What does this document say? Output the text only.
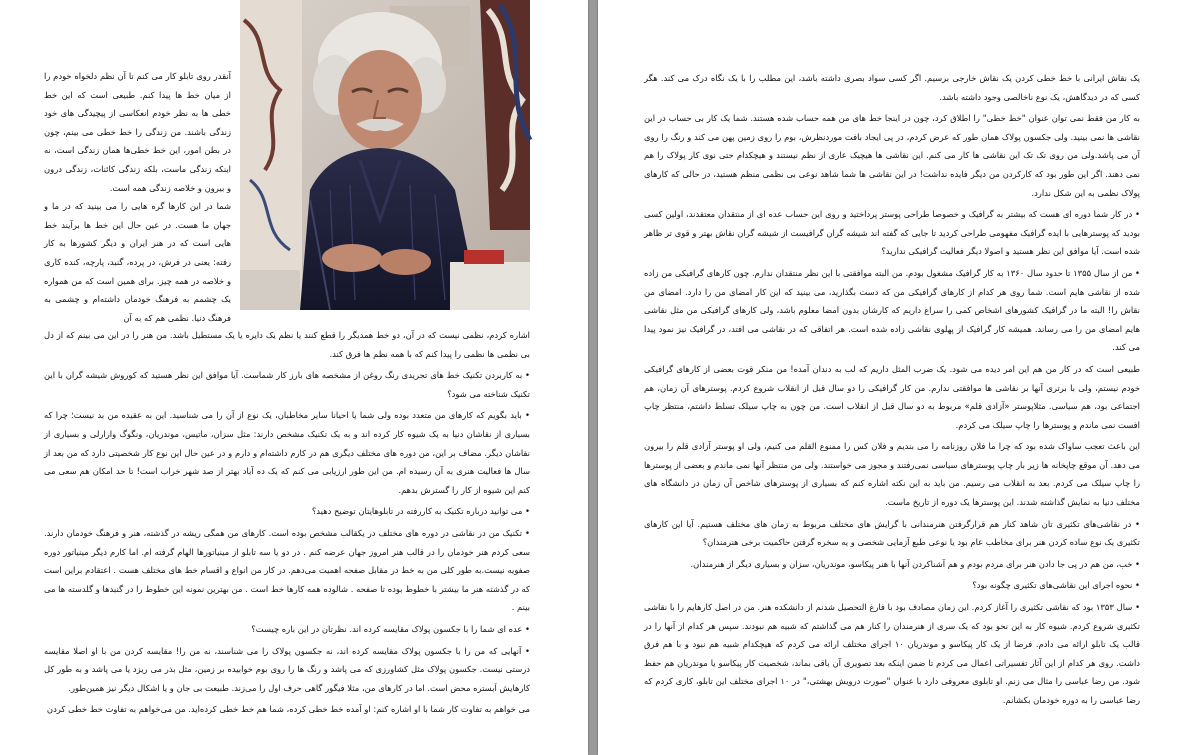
آنقدر روی تابلو کار می کنم تا آن نظم دلخواه خودم را از میان خط ها پیدا کنم. طبیعی است که این خط خطی ها به نظر خودم انعکاسی از پیچیدگی های خود زندگی باشند. من زندگی را خط خطی می بینم، چون در بطن امور، این خط خطی‌ها همان زندگی است، نه اینکه زندگی ماست، بلکه زندگی کائنات، زندگی درون و بیرون و خلاصه زندگی همه است.

شما در این کارها گره هایی را می بینید که در ما و جهان ما هست. در عین حال این خط ها برآیند خط هایی است که در هنر ایران و دیگر کشورها به کار رفته: یعنی در فرش، در پرده، گنبد، پارچه، کنده کاری و خلاصه در همه چیز. برای همین است که من همواره یک چشمم به فرهنگ خودمان داشته‌ام و چشمی به فرهنگ دنیا. نظمی هم که به آن

اشاره کردم، نظمی نیست که در آن، دو خط همدیگر را قطع کنند یا نظم یک دایره یا یک مستطیل باشد. من هنر را در این می بینم که از دل بی نظمی ها نظمی را پیدا کنم که با همه نظم ها فرق کند.

• به کاربردن تکنیک خط های تجریدی رنگ روغن از مشخصه های بارز کار شماست. آیا موافق این نظر هستید که کوروش شیشه گران با این تکنیک شناخته می شود؟

• باید بگویم که کارهای من متعدد بوده ولی شما یا احیانا سایر مخاطبان، یک نوع از آن را می شناسید. این به عقیده من بد نیست؛ چرا که بسیاری از نقاشان دنیا به یک شیوه کار کرده اند و به یک تکنیک مشخص دارند: مثل سزان، ماتیس، موندریان، ونگوگ وارارلی و بسیاری از نقاشان دیگر. مضاف بر این، من دوره های مختلف دیگری هم در کارم داشته‌ام و دارم و در عین حال این نوع کار شخصیتی دارد که من بعد از سال ها فعالیت هنری به آن رسیده ام. من این طور ارزیابی می کنم که یک ده آباد بهتر از صد شهر خراب است! تا حد امکان هم سعی می کنم این شیوه از کار را گسترش بدهم.

• می توانید درباره تکنیک به کاررفته در تابلوهایتان توضیح دهید؟

• تکنیک من در نقاشی در دوره های مختلف در یکقالب مشخص بوده است. کارهای من همگی ریشه در گذشته، هنر و فرهنگ خودمان دارند. سعی کردم هنر خودمان را در قالب هنر امروز جهان عرضه کنم . در دو یا سه تابلو از مینیاتورها الهام گرفته ام. اما کارم دیگر مینیاتور دوره صفویه نیست.به طور کلی من به خط در مقابل صفحه اهمیت می‌دهم. در کار من انواع و اقسام خط های مختلف هست . اعتقادم براین است که در گذشته هنر ما بیشتر با خطوط بوده تا صفحه . شالوده همه کارها خط است . من بهترین نمونه این خطوط را در گنبدها و گلدسته ها می بینم .

• عده ای شما را با جکسون پولاک مقایسه کرده اند. نظرتان در این باره چیست؟

• آنهایی که من را با جکسون پولاک مقایسه کرده اند، نه جکسون پولاک را می شناسند، نه من را! مقایسه کردن من با او اصلا مقایسه درستی نیست. جکسون پولاک مثل کشاورزی که می پاشد و رنگ ها را روی بوم خوابیده بر زمین، مثل بذر می ریزد یا می پاشد و به طور کل کارهایش اَبستره محض است. اما در کارهای من، مثلا فیگور گاهی حرف اول را می‌زند. طبیعت بی جان و یا اشکال دیگر نیز همین‌طور.

می خواهم به تفاوت کار شما با او اشاره کنم: او آمده خط خطی کرده، شما هم خط خطی کرده‌اید. من می‌خواهم به تفاوت خط خطی کردن

یک نقاش ایرانی با خط خطی کردن یک نقاش خارجی برسیم. اگر کسی سواد بصری داشته باشد، این مطلب را با یک نگاه درک می کند. هگر کسی که در دیدگاهش، یک نوع ناخالصی وجود داشته باشد.

به کار من فقط نمی توان عنوان "خط خطی" را اطلاق کرد، چون در اینجا خط های من همه حساب شده هستند. شما یک کار بی حساب در این نقاشی ها نمی بینید. ولی جکسون پولاک همان طور که عرض کردم، در پی ایجاد بافت موردنظرش، بوم را روی زمین پهن می کند و رنگ را روی آن می پاشد.ولی من روی تک تک این نقاشی ها کار می کنم. این نقاشی ها هیچیک عاری از نظم نیستند و هیچکدام حتی نوی کار پولاک را هم نمی دهند. اگر این طور بود که کارکردن من دیگر فایده نداشت! در این نقاشی ها شما شاهد نوعی بی نظمی منظم هستید، در حالی که کارهای پولاک نظمی به این شکل ندارد.

• در کار شما دوره ای هست که بیشتر به گرافیک و خصوصا طراحی پوستر پرداختید و روی این حساب عده ای از منتقدان معتقدند، اولین کسی بودید که پوسترهایی با ایده گرافیک مفهومی طراحی کردید تا جایی که گفته اند شیشه گران گرافیست از شیشه گران نقاش بهتر و قوی تر ظاهر شده است. آیا موافق این نظر هستید و اصولا دیگر فعالیت گرافیکی ندارید؟

• من از سال ۱۳۵۵ تا حدود سال ۱۳۶۰ به کار گرافیک مشغول بودم. من البته موافقتی با این نظر منتقدان ندارم. چون کارهای گرافیکی من زاده شده از نقاشی هایم است. شما روی هر کدام از کارهای گرافیکی من که دست بگذارید، می بینید که این کار امضای من را دارد. امضای من نقاش را! البته ما در گرافیک کشورهای اشخاص کمی را سراغ داریم که کارشان بدون امضا معلوم باشد، ولی کارهای گرافیکی من مثل نقاشی هایم امضای من را می رساند. همیشه کار گرافیک از پهلوی نقاشی زاده شده است. هر اتفاقی که در نقاشی می افتد، در گرافیک نیز نمود پیدا می کند.

طبیعی است که در کار من هم این امر دیده می شود. یک ضرب المثل داریم که لب به دندان آمده! من منکر قوت بعضی از کارهای گرافیکی خودم نیستم، ولی با برتری آنها بر نقاشی ها موافقتی ندارم. من کار گرافیکی را دو سال قبل از انقلاب شروع کردم. پوسترهای آن زمان، هم اجتماعی بود، هم سیاسی. مثلاپوستر «آزادی قلم» مربوط به دو سال قبل از انقلاب است. من چون به چاپ سیلک تسلط داشتم، منتظر چاپ افست نمی ماندم و پوسترها را چاپ سیلک می کردم.

این باعث تعجب ساواک شده بود که چرا ما فلان روزنامه را می بندیم و فلان کس را ممنوع القلم می کنیم، ولی او پوستر آزادی قلم را بیرون می دهد. آن موقع چاپخانه ها زیر بار چاپ پوسترهای سیاسی نمی‌رفتند و مجوز می خواستند. ولی من منتظر آنها نمی ماندم و بعضی از پوسترها را چاپ سیلک می کردم. بعد به انقلاب می رسیم. من باید به این نکته اشاره کنم که بسیاری از پوسترهای شاخص آن زمان در دانشگاه های مختلف دنیا به نمایش گذاشته شدند. این پوسترها یک دوره از تاریخ ماست.

• در نقاشی‌های تکثیری تان شاهد کنار هم قرارگرفتن هنرمندانی با گرایش های مختلف مربوط به زمان های مختلف هستیم. آیا این کارهای تکثیری یک نوع ساده کردن هنر برای مخاطب عام بود یا نوعی طبع آزمایی شخصی و یه سخره گرفتن حاکمیت برخی هنرمندان؟

• خب، من هم در پی جا دادن هنر برای مردم بودم و هم آشناکردن آنها با هنر پیکاسو، موندریان، سزان و بسیاری دیگر از هنرمندان.

• نحوه اجرای این نقاشی‌های تکثیری چگونه بود؟

• سال ۱۳۵۳ بود که نقاشی تکثیری را آغاز کردم. این زمان مصادف بود با فارغ التحصیل شدنم از دانشکده هنر. من در اصل کارهایم را با نقاشی تکثیری شروع کردم. شیوه کار به این نحو بود که یک سری از هنرمندان را کنار هم می گذاشتم که شبیه هم نبودند. سپس هر کدام از آنها را در قالب یک تابلو ارائه می دادم. فرضا از یک کار پیکاسو و موندریان ۱۰ اجرای مختلف ارائه می کردم که هیچکدام شبیه هم نبود و با هم فرق داشت. روی هر کدام از این آثار تفسیراتی اعمال می کردم تا ضمن اینکه بعد تصویری آن باقی بماند، شخصیت کار پیکاسو یا موندریان هم حفظ شود. من رضا عباسی را مثال می زنم. او تابلوی معروفی دارد با عنوان "صورت درویش بهشتی،" در ۱۰ اجرای مختلف این تابلو، کاری کردم که رضا عباسی را به دوره خودمان بکشانم.
